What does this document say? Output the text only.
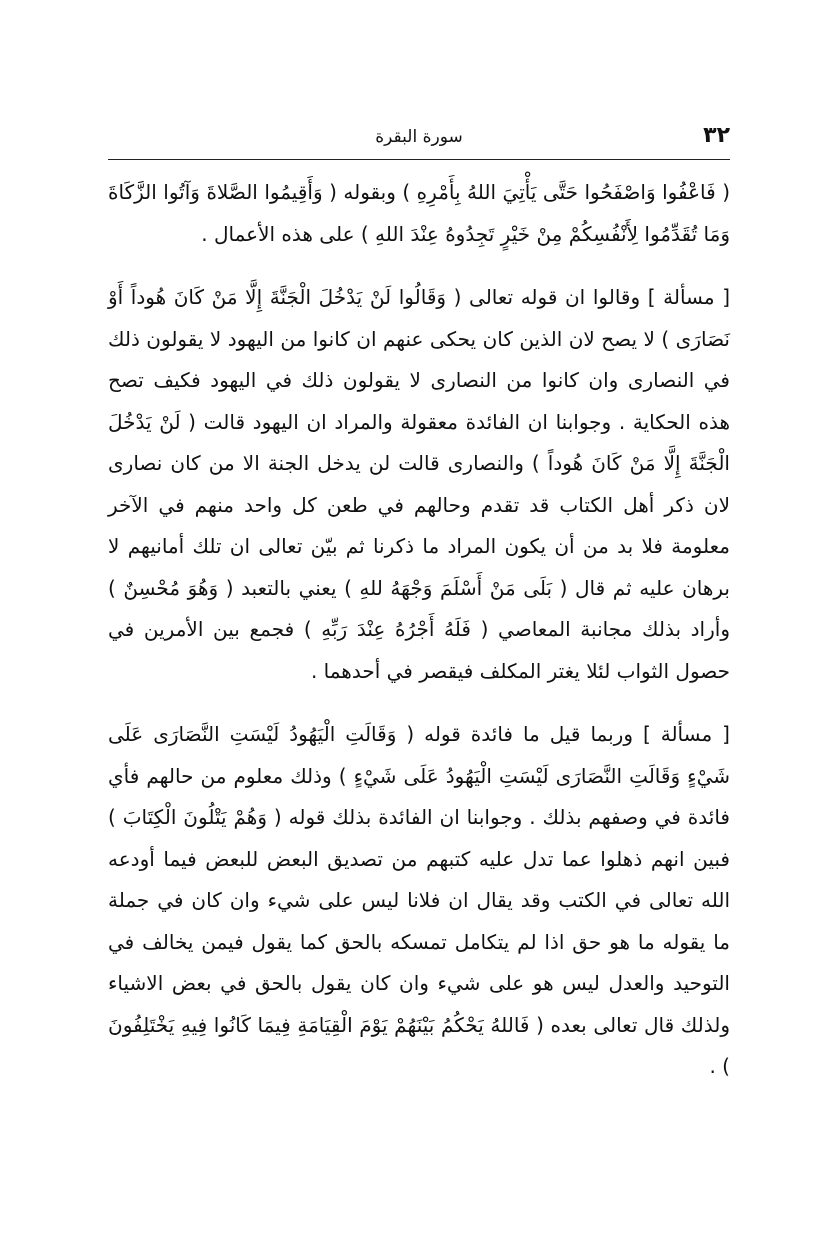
٣٢
سورة البقرة

( فَاعْفُوا وَاصْفَحُوا حَتَّى يَأْتِيَ اللهُ بِأَمْرِهِ ) وبقوله ( وَأَقِيمُوا الصَّلاةَ وَآتُوا الزَّكَاةَ وَمَا تُقَدِّمُوا لِأَنْفُسِكُمْ مِنْ خَيْرٍ تَجِدُوهُ عِنْدَ اللهِ ) على هذه الأعمال .

[ مسألة ] وقالوا ان قوله تعالى ( وَقَالُوا لَنْ يَدْخُلَ الْجَنَّةَ إِلَّا مَنْ كَانَ هُوداً أَوْ نَصَارَى ) لا يصح لان الذين كان يحكى عنهم ان كانوا من اليهود لا يقولون ذلك في النصارى وان كانوا من النصارى لا يقولون ذلك في اليهود فكيف تصح هذه الحكاية . وجوابنا ان الفائدة معقولة والمراد ان اليهود قالت ( لَنْ يَدْخُلَ الْجَنَّةَ إِلَّا مَنْ كَانَ هُوداً ) والنصارى قالت لن يدخل الجنة الا من كان نصارى لان ذكر أهل الكتاب قد تقدم وحالهم في طعن كل واحد منهم في الآخر معلومة فلا بد من أن يكون المراد ما ذكرنا ثم بيّن تعالى ان تلك أمانيهم لا برهان عليه ثم قال ( بَلَى مَنْ أَسْلَمَ وَجْهَهُ للهِ ) يعني بالتعبد ( وَهُوَ مُحْسِنٌ ) وأراد بذلك مجانبة المعاصي ( فَلَهُ أَجْرُهُ عِنْدَ رَبِّهِ ) فجمع بين الأمرين في حصول الثواب لئلا يغتر المكلف فيقصر في أحدهما .

[ مسألة ] وربما قيل ما فائدة قوله ( وَقَالَتِ الْيَهُودُ لَيْسَتِ النَّصَارَى عَلَى شَيْءٍ وَقَالَتِ النَّصَارَى لَيْسَتِ الْيَهُودُ عَلَى شَيْءٍ ) وذلك معلوم من حالهم فأي فائدة في وصفهم بذلك . وجوابنا ان الفائدة بذلك قوله ( وَهُمْ يَتْلُونَ الْكِتَابَ ) فبين انهم ذهلوا عما تدل عليه كتبهم من تصديق البعض للبعض فيما أودعه الله تعالى في الكتب وقد يقال ان فلانا ليس على شيء وان كان في جملة ما يقوله ما هو حق اذا لم يتكامل تمسكه بالحق كما يقول فيمن يخالف في التوحيد والعدل ليس هو على شيء وان كان يقول بالحق في بعض الاشياء ولذلك قال تعالى بعده ( فَاللهُ يَحْكُمُ بَيْنَهُمْ يَوْمَ الْقِيَامَةِ فِيمَا كَانُوا فِيهِ يَخْتَلِفُونَ ) .
